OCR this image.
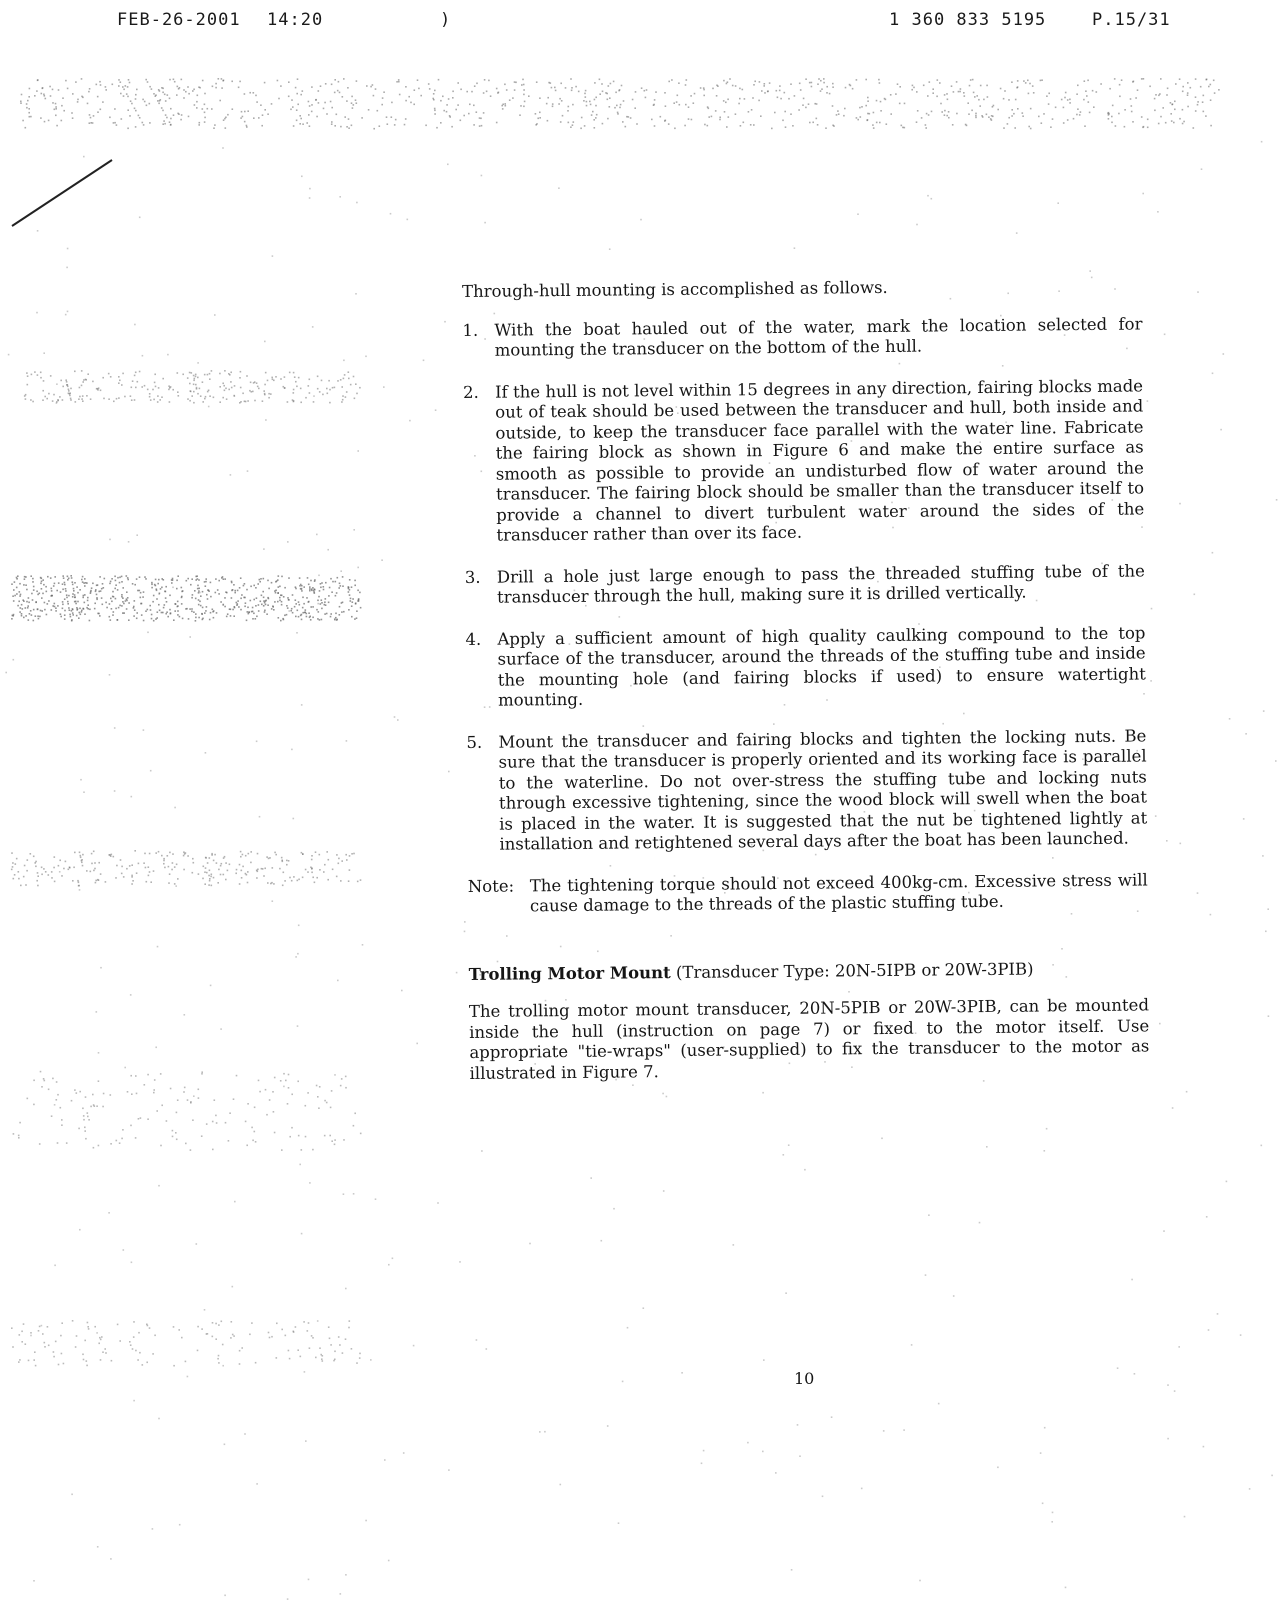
FEB-26-2001 14:20	)	1 360 833 5195	P.15/31

Through-hull mounting is accomplished as follows.

1. With the boat hauled out of the water, mark the location selected for mounting the transducer on the bottom of the hull.
2. If the hull is not level within 15 degrees in any direction, fairing blocks made out of teak should be used between the transducer and hull, both inside and outside, to keep the transducer face parallel with the water line. Fabricate the fairing block as shown in Figure 6 and make the entire surface as smooth as possible to provide an undisturbed flow of water around the transducer. The fairing block should be smaller than the transducer itself to provide a channel to divert turbulent water around the sides of the transducer rather than over its face.
3. Drill a hole just large enough to pass the threaded stuffing tube of the transducer through the hull, making sure it is drilled vertically.
4. Apply a sufficient amount of high quality caulking compound to the top surface of the transducer, around the threads of the stuffing tube and inside the mounting hole (and fairing blocks if used) to ensure watertight mounting.
5. Mount the transducer and fairing blocks and tighten the locking nuts. Be sure that the transducer is properly oriented and its working face is parallel to the waterline. Do not over-stress the stuffing tube and locking nuts through excessive tightening, since the wood block will swell when the boat is placed in the water. It is suggested that the nut be tightened lightly at installation and retightened several days after the boat has been launched.
Note: The tightening torque should not exceed 400kg-cm. Excessive stress will cause damage to the threads of the plastic stuffing tube.
Trolling Motor Mount (Transducer Type: 20N-5IPB or 20W-3PIB)

The trolling motor mount transducer, 20N-5PIB or 20W-3PIB, can be mounted inside the hull (instruction on page 7) or fixed to the motor itself. Use appropriate "tie-wraps" (user-supplied) to fix the transducer to the motor as illustrated in Figure 7.

10
